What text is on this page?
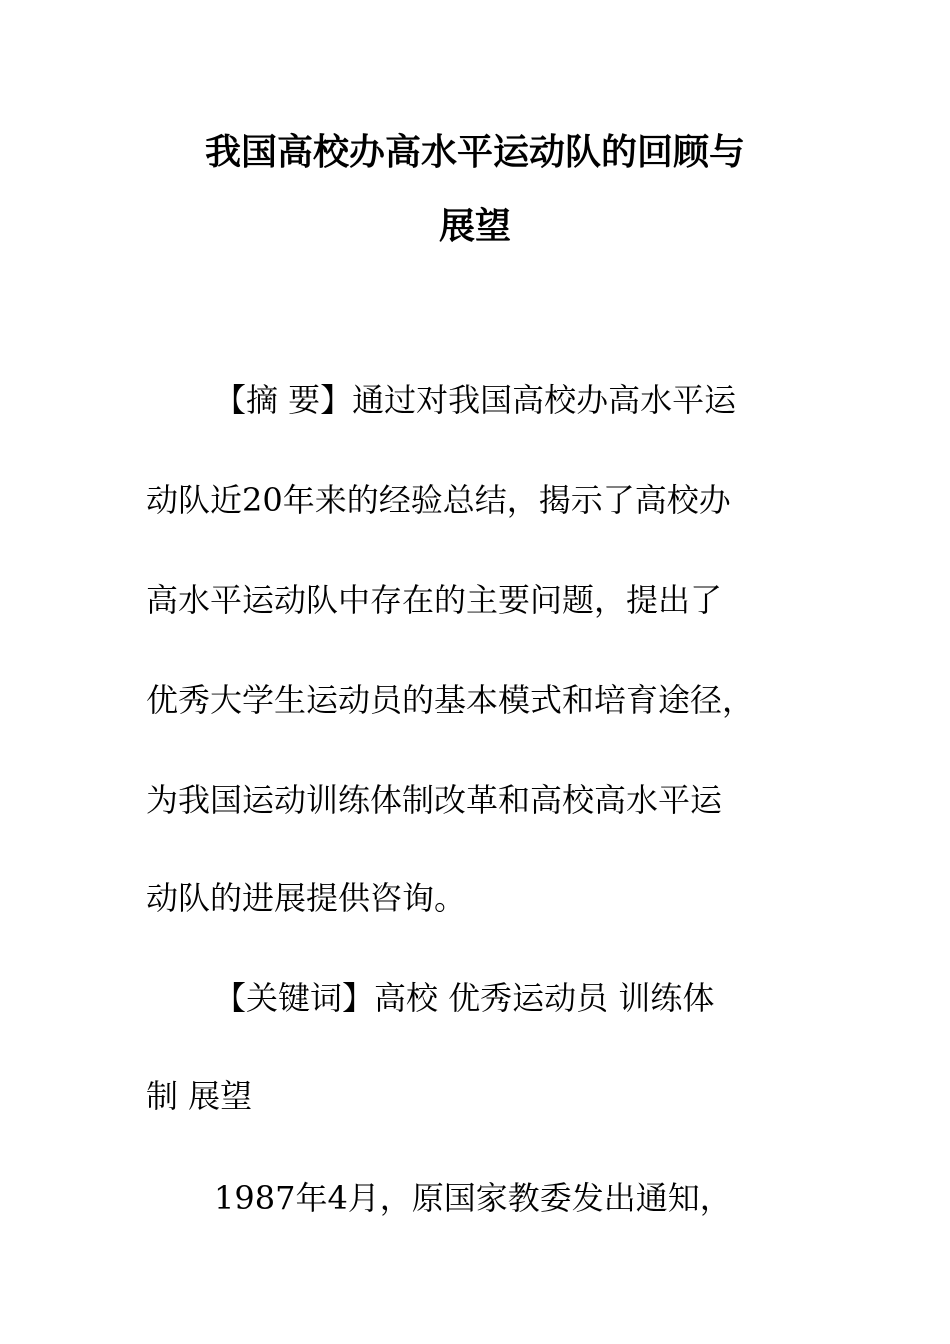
我国高校办高水平运动队的回顾与
展望
【摘 要】通过对我国高校办高水平运
动队近20年来的经验总结，揭示了高校办
高水平运动队中存在的主要问题，提出了
优秀大学生运动员的基本模式和培育途径，
为我国运动训练体制改革和高校高水平运
动队的进展提供咨询。
【关键词】高校 优秀运动员 训练体
制 展望
1987年4月，原国家教委发出通知，
